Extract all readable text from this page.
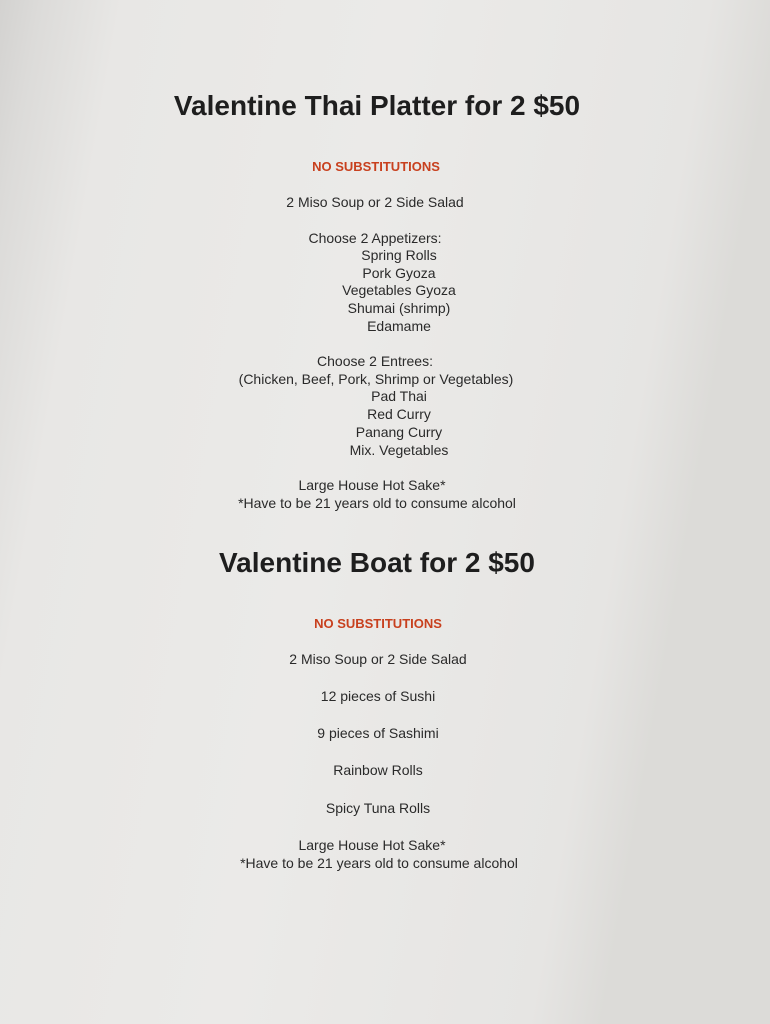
Valentine Thai Platter for 2 $50
NO SUBSTITUTIONS
2 Miso Soup or 2 Side Salad
Choose 2 Appetizers:
Spring Rolls
Pork Gyoza
Vegetables Gyoza
Shumai (shrimp)
Edamame
Choose 2 Entrees:
(Chicken, Beef, Pork, Shrimp or Vegetables)
Pad Thai
Red Curry
Panang Curry
Mix. Vegetables
Large House Hot Sake*
*Have to be 21 years old to consume alcohol
Valentine Boat for 2 $50
NO SUBSTITUTIONS
2 Miso Soup or 2 Side Salad
12 pieces of Sushi
9 pieces of Sashimi
Rainbow Rolls
Spicy Tuna Rolls
Large House Hot Sake*
*Have to be 21 years old to consume alcohol
